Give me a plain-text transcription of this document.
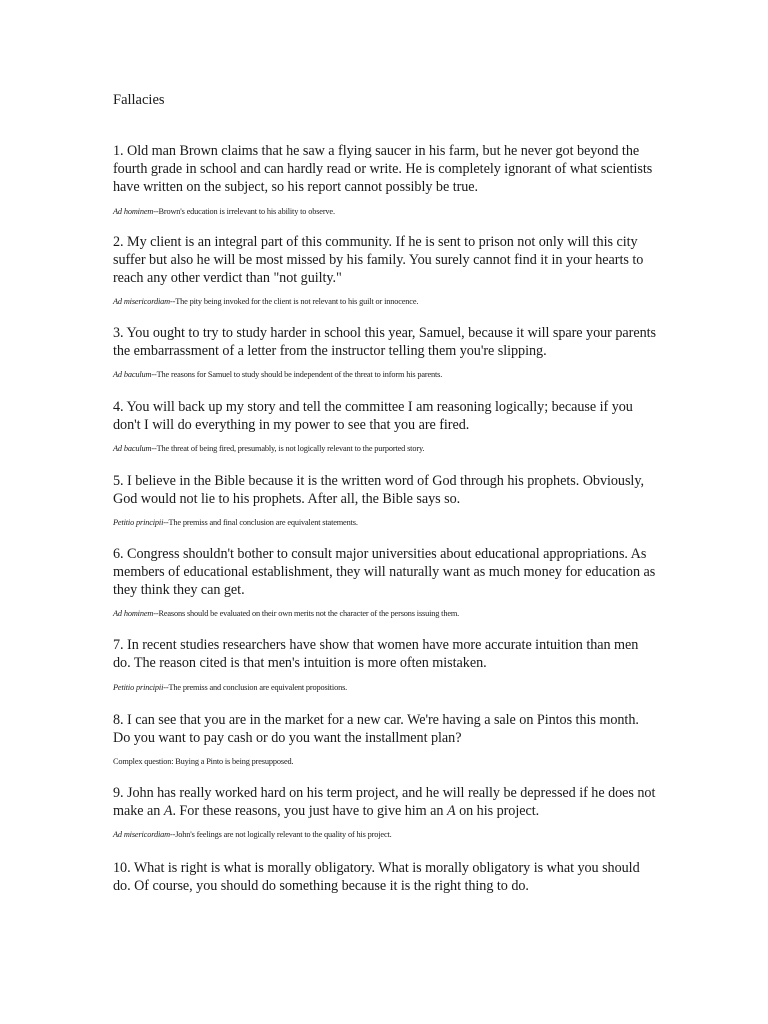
Fallacies
1. Old man Brown claims that he saw a flying saucer in his farm, but he never got beyond the fourth grade in school and can hardly read or write. He is completely ignorant of what scientists have written on the subject, so his report cannot possibly be true.
Ad hominem--Brown's education is irrelevant to his ability to observe.
2. My client is an integral part of this community. If he is sent to prison not only will this city suffer but also he will be most missed by his family. You surely cannot find it in your hearts to reach any other verdict than "not guilty."
Ad misericordiam--The pity being invoked for the client is not relevant to his guilt or innocence.
3. You ought to try to study harder in school this year, Samuel, because it will spare your parents the embarrassment of a letter from the instructor telling them you're slipping.
Ad baculum--The reasons for Samuel to study should be independent of the threat to inform his parents.
4. You will back up my story and tell the committee I am reasoning logically; because if you don't I will do everything in my power to see that you are fired.
Ad baculum--The threat of being fired, presumably, is not logically relevant to the purported story.
5. I believe in the Bible because it is the written word of God through his prophets. Obviously, God would not lie to his prophets. After all, the Bible says so.
Petitio principii--The premiss and final conclusion are equivalent statements.
6. Congress shouldn't bother to consult major universities about educational appropriations. As members of educational establishment, they will naturally want as much money for education as they think they can get.
Ad hominem--Reasons should be evaluated on their own merits not the character of the persons issuing them.
7. In recent studies researchers have show that women have more accurate intuition than men do. The reason cited is that men's intuition is more often mistaken.
Petitio principii--The premiss and conclusion are equivalent propositions.
8. I can see that you are in the market for a new car. We're having a sale on Pintos this month. Do you want to pay cash or do you want the installment plan?
Complex question: Buying a Pinto is being presupposed.
9. John has really worked hard on his term project, and he will really be depressed if he does not make an A. For these reasons, you just have to give him an A on his project.
Ad misericordiam--John's feelings are not logically relevant to the quality of his project.
10. What is right is what is morally obligatory. What is morally obligatory is what you should do. Of course, you should do something because it is the right thing to do.
